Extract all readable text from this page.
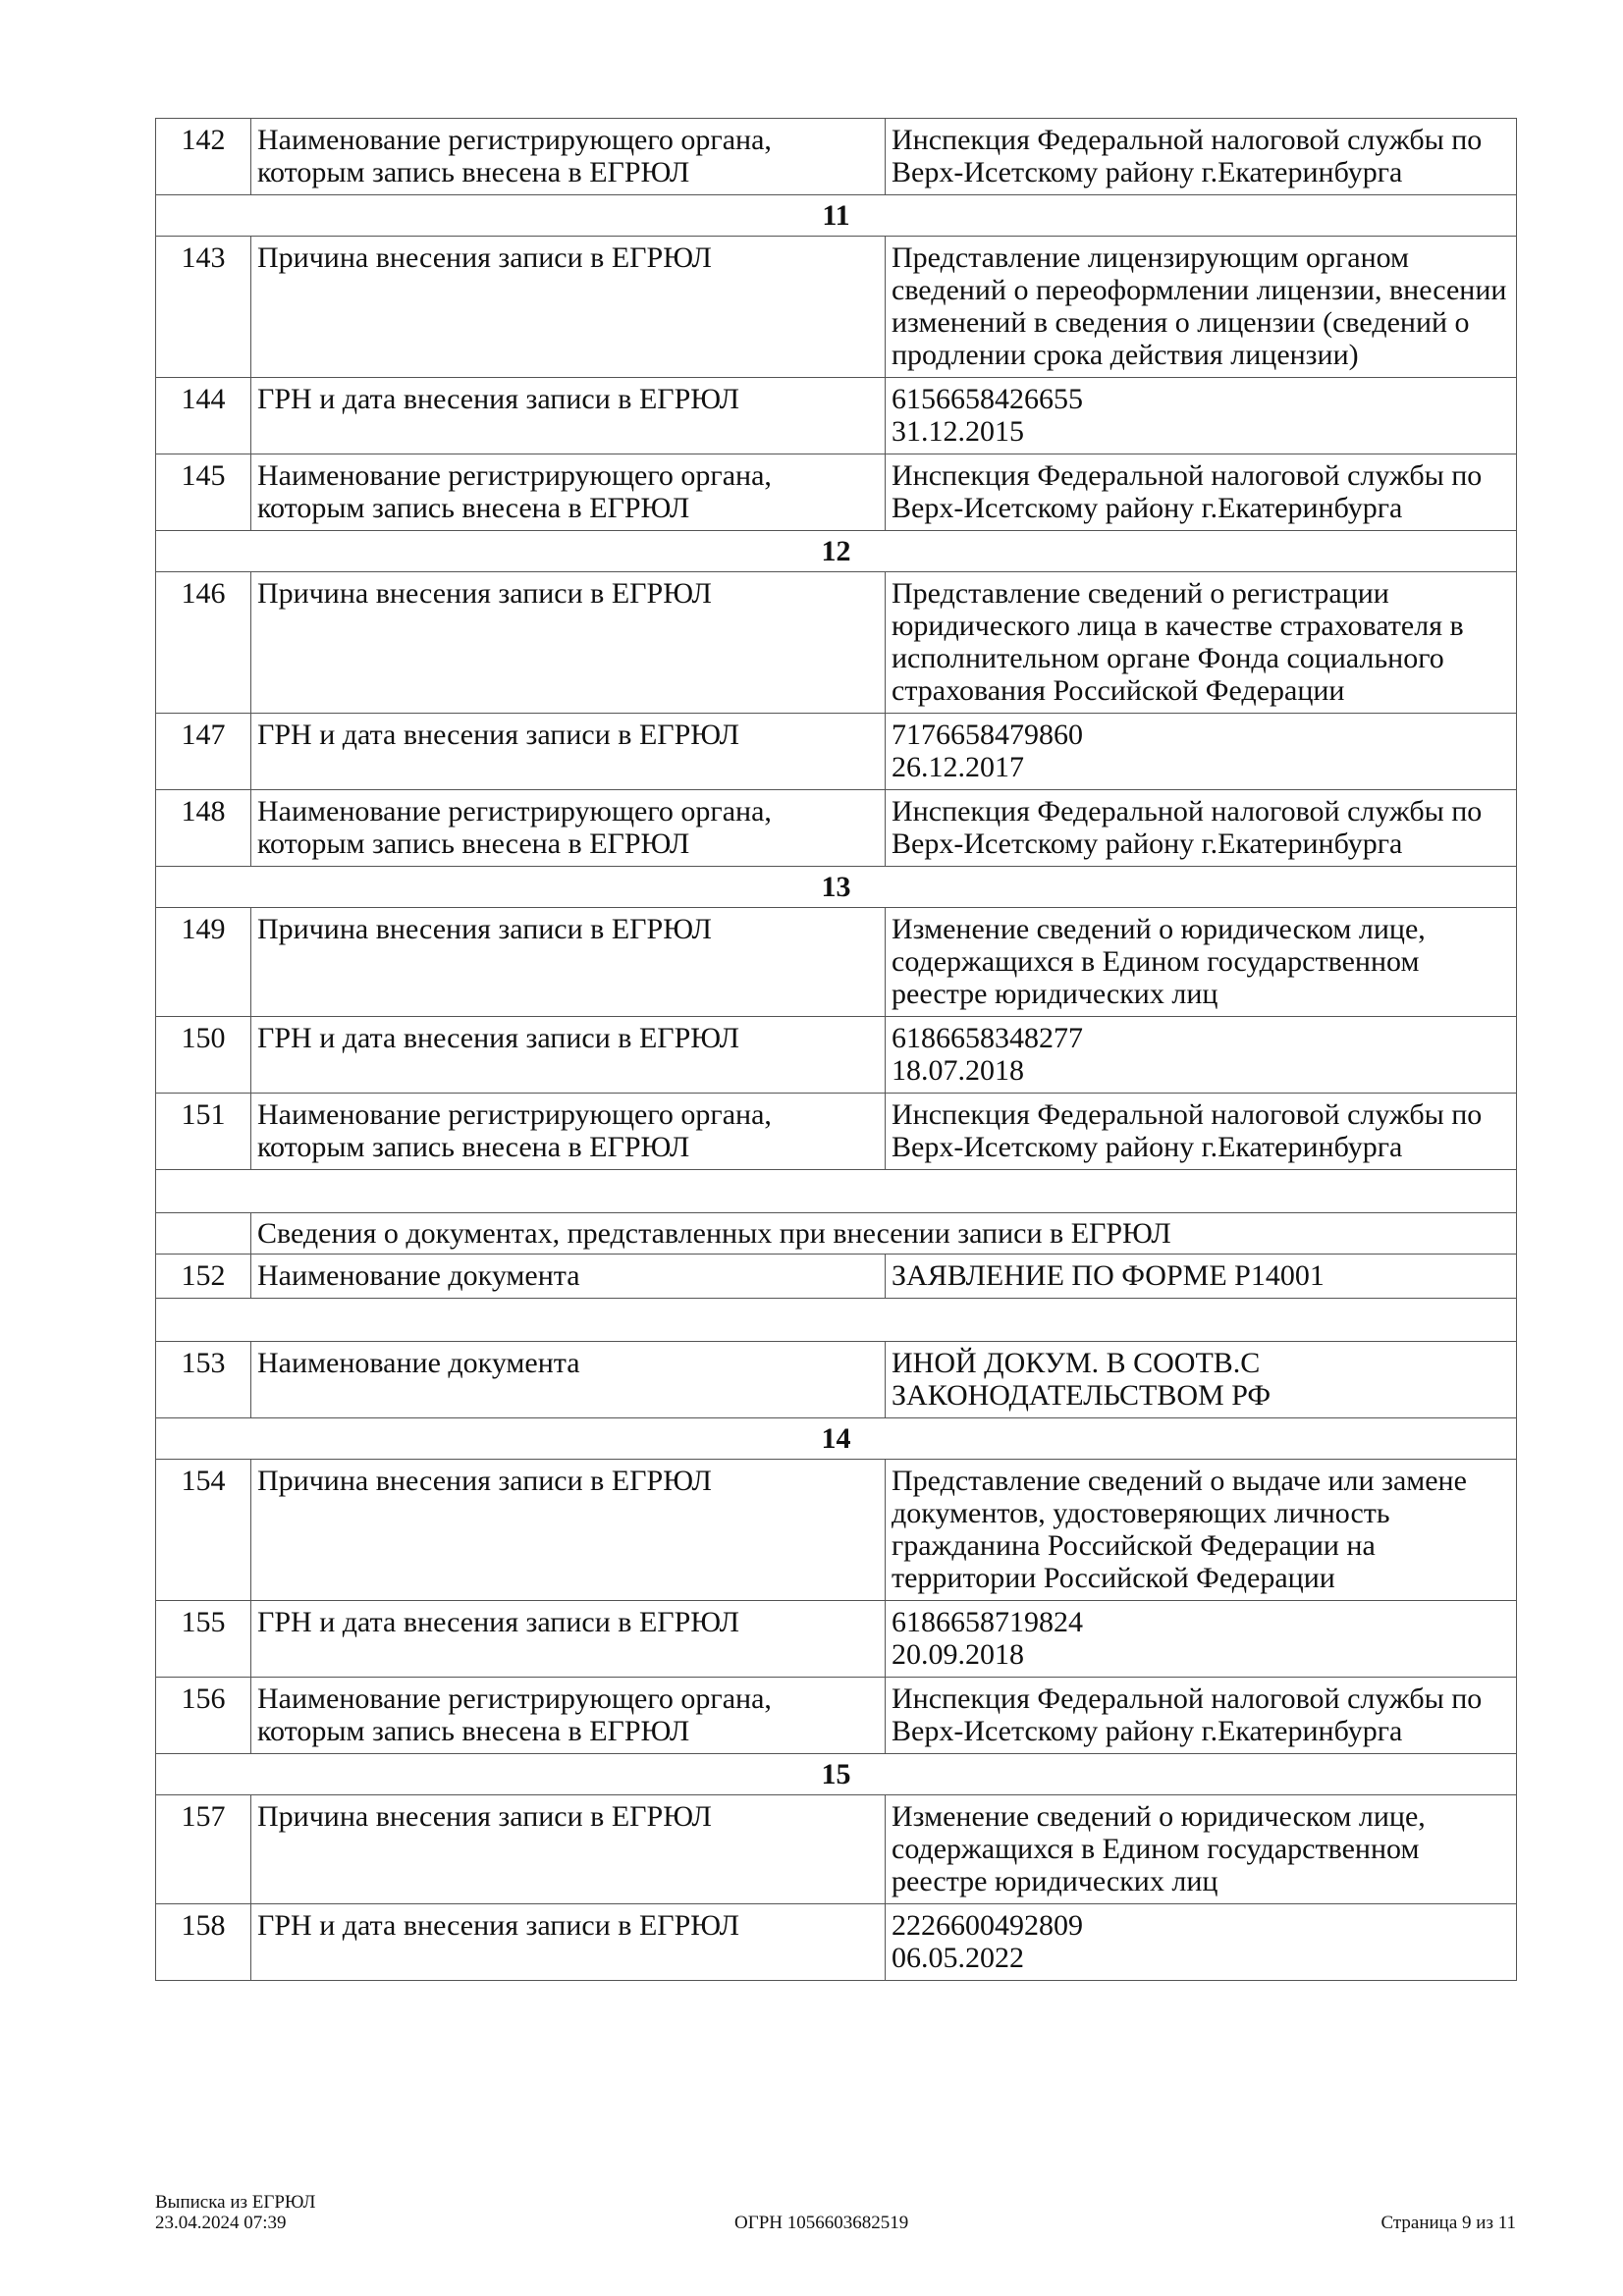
142	Наименование регистрирующего органа, которым запись внесена в ЕГРЮЛ	Инспекция Федеральной налоговой службы по Верх-Исетскому району г.Екатеринбурга
11		
143	Причина внесения записи в ЕГРЮЛ	Представление лицензирующим органом сведений о переоформлении лицензии, внесении изменений в сведения о лицензии (сведений о продлении срока действия лицензии)
144	ГРН и дата внесения записи в ЕГРЮЛ	6156658426655
31.12.2015

145	Наименование регистрирующего органа, которым запись внесена в ЕГРЮЛ	Инспекция Федеральной налоговой службы по Верх-Исетскому району г.Екатеринбурга
12		
146	Причина внесения записи в ЕГРЮЛ	Представление сведений о регистрации юридического лица в качестве страхователя в исполнительном органе Фонда социального страхования Российской Федерации
147	ГРН и дата внесения записи в ЕГРЮЛ	7176658479860
26.12.2017

148	Наименование регистрирующего органа, которым запись внесена в ЕГРЮЛ	Инспекция Федеральной налоговой службы по Верх-Исетскому району г.Екатеринбурга
13		
149	Причина внесения записи в ЕГРЮЛ	Изменение сведений о юридическом лице, содержащихся в Едином государственном реестре юридических лиц
150	ГРН и дата внесения записи в ЕГРЮЛ	6186658348277
18.07.2018

151	Наименование регистрирующего органа, которым запись внесена в ЕГРЮЛ	Инспекция Федеральной налоговой службы по Верх-Исетскому району г.Екатеринбурга

	Сведения о документах, представленных при внесении записи в ЕГРЮЛ	
152	Наименование документа	ЗАЯВЛЕНИЕ ПО ФОРМЕ Р14001

153	Наименование документа	ИНОЙ ДОКУМ. В СООТВ.С
ЗАКОНОДАТЕЛЬСТВОМ РФ

14		
154	Причина внесения записи в ЕГРЮЛ	Представление сведений о выдаче или замене документов, удостоверяющих личность гражданина Российской Федерации на территории Российской Федерации
155	ГРН и дата внесения записи в ЕГРЮЛ	6186658719824
20.09.2018

156	Наименование регистрирующего органа, которым запись внесена в ЕГРЮЛ	Инспекция Федеральной налоговой службы по Верх-Исетскому району г.Екатеринбурга
15		
157	Причина внесения записи в ЕГРЮЛ	Изменение сведений о юридическом лице, содержащихся в Едином государственном реестре юридических лиц
158	ГРН и дата внесения записи в ЕГРЮЛ	2226600492809
06.05.2022
Выписка из ЕГРЮЛ
23.04.2024 07:39	ОГРН 1056603682519	Страница 9 из 11
